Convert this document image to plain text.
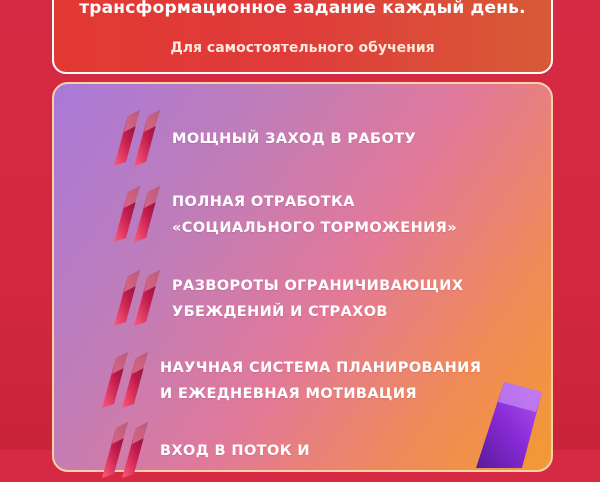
трансформационное задание каждый день.
Для самостоятельного обучения
МОЩНЫЙ ЗАХОД В РАБОТУ
ПОЛНАЯ ОТРАБОТКА
«СОЦИАЛЬНОГО ТОРМОЖЕНИЯ»
РАЗВОРОТЫ ОГРАНИЧИВАЮЩИХ
УБЕЖДЕНИЙ И СТРАХОВ
НАУЧНАЯ СИСТЕМА ПЛАНИРОВАНИЯ
И ЕЖЕДНЕВНАЯ МОТИВАЦИЯ
ВХОД В ПОТОК И
